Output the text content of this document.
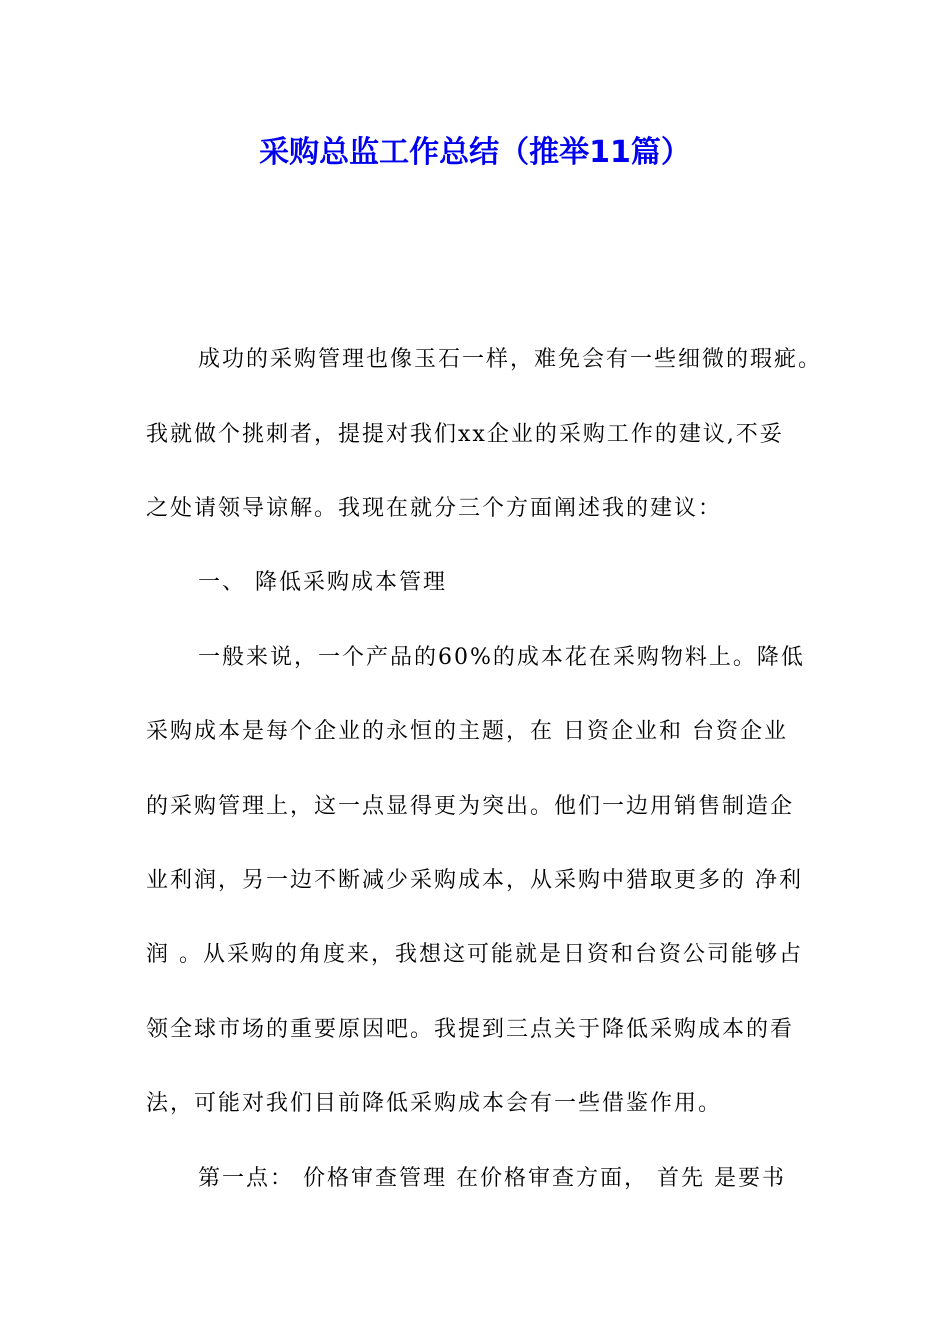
采购总监工作总结（推举11篇）
成功的采购管理也像玉石一样，难免会有一些细微的瑕疵。
我就做个挑刺者，提提对我们xx企业的采购工作的建议,不妥
之处请领导谅解。我现在就分三个方面阐述我的建议：
一、 降低采购成本管理
一般来说，一个产品的60%的成本花在采购物料上。降低
采购成本是每个企业的永恒的主题，在 日资企业和 台资企业
的采购管理上，这一点显得更为突出。他们一边用销售制造企
业利润，另一边不断减少采购成本，从采购中猎取更多的 净利
润 。从采购的角度来，我想这可能就是日资和台资公司能够占
领全球市场的重要原因吧。我提到三点关于降低采购成本的看
法，可能对我们目前降低采购成本会有一些借鉴作用。
第一点： 价格审查管理 在价格审查方面， 首先 是要书
